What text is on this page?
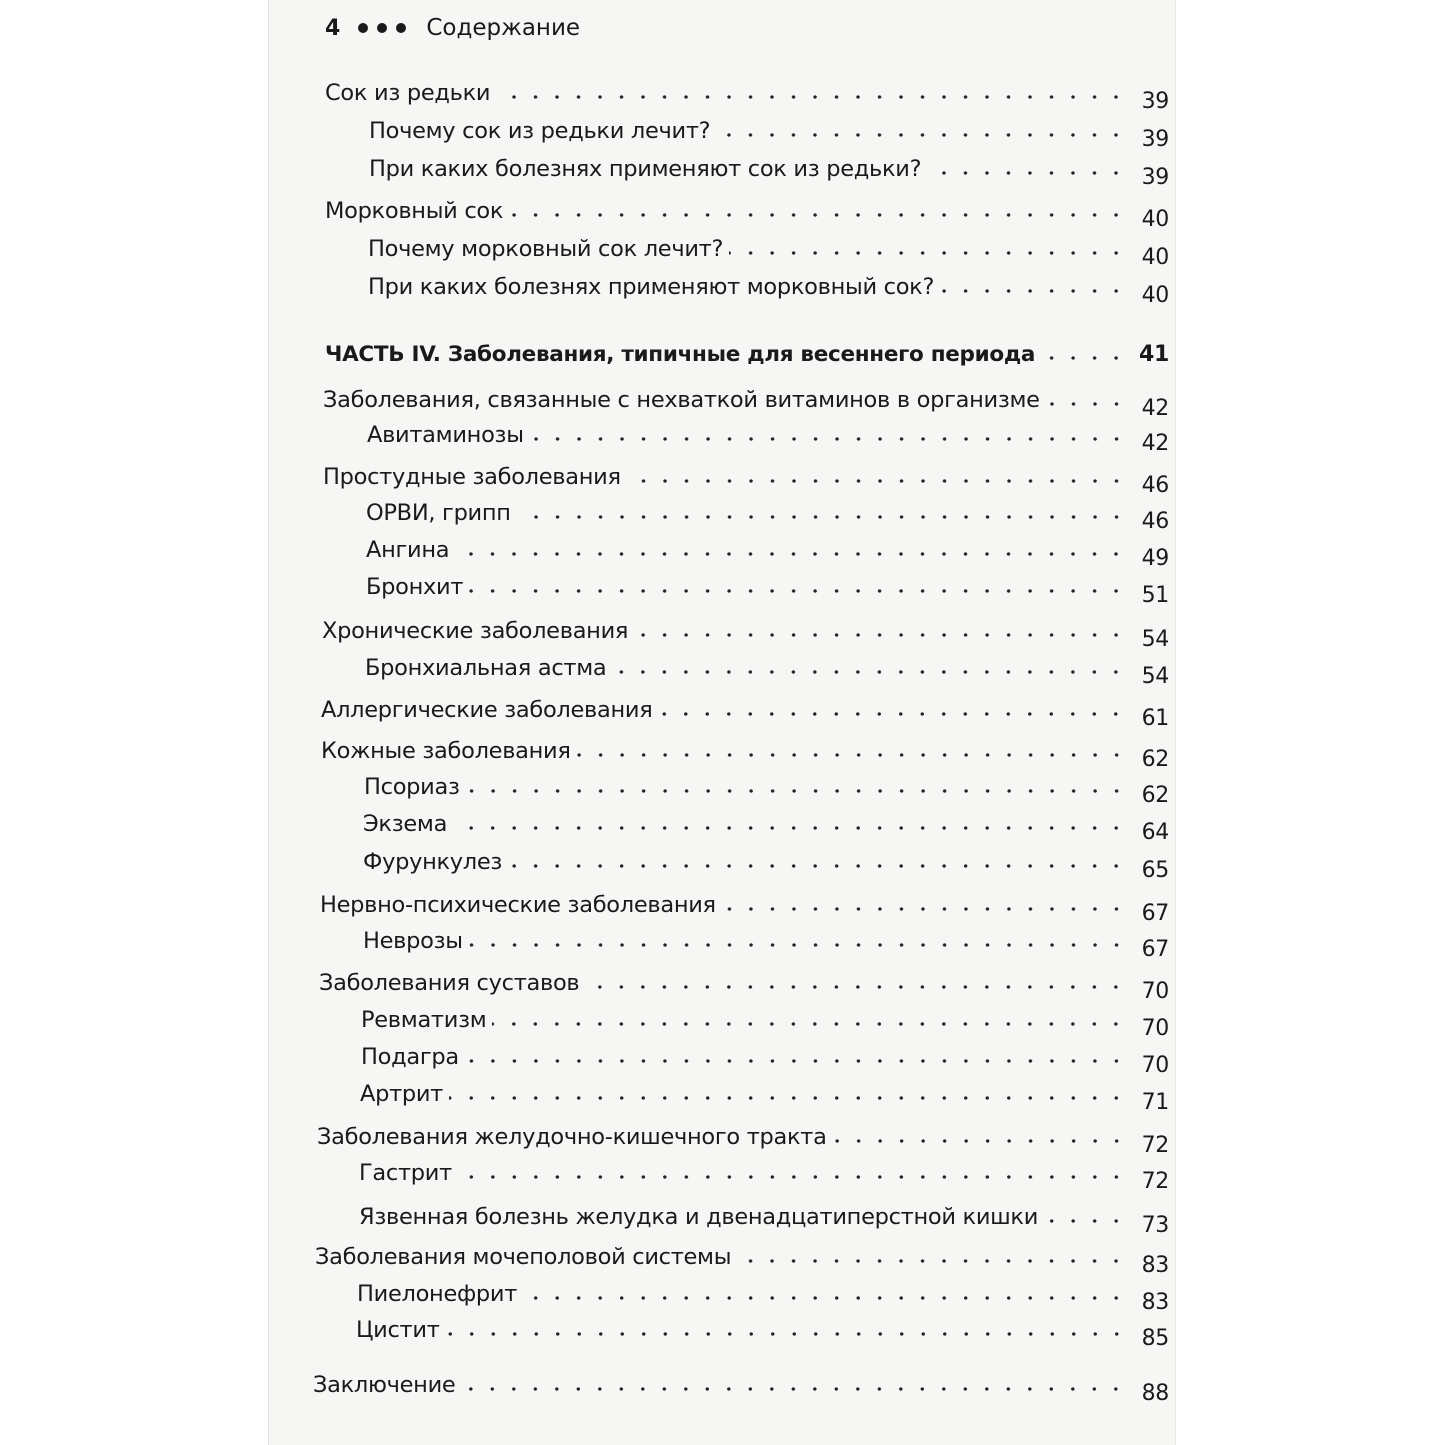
4	Содержание
Сок из редьки	39
Почему сок из редьки лечит?	39
При каких болезнях применяют сок из редьки?	39
Морковный сок	40
Почему морковный сок лечит?	40
При каких болезнях применяют морковный сок?	40
ЧАСТЬ IV. Заболевания, типичные для весеннего периода	41
Заболевания, связанные с нехваткой витаминов в организме	42
Авитаминозы	42
Простудные заболевания	46
ОРВИ, грипп	46
Ангина	49
Бронхит	51
Хронические заболевания	54
Бронхиальная астма	54
Аллергические заболевания	61
Кожные заболевания	62
Псориаз	62
Экзема	64
Фурункулез	65
Нервно-психические заболевания	67
Неврозы	67
Заболевания суставов	70
Ревматизм	70
Подагра	70
Артрит	71
Заболевания желудочно-кишечного тракта	72
Гастрит	72
Язвенная болезнь желудка и двенадцатиперстной кишки	73
Заболевания мочеполовой системы	83
Пиелонефрит	83
Цистит	85
Заключение	88
